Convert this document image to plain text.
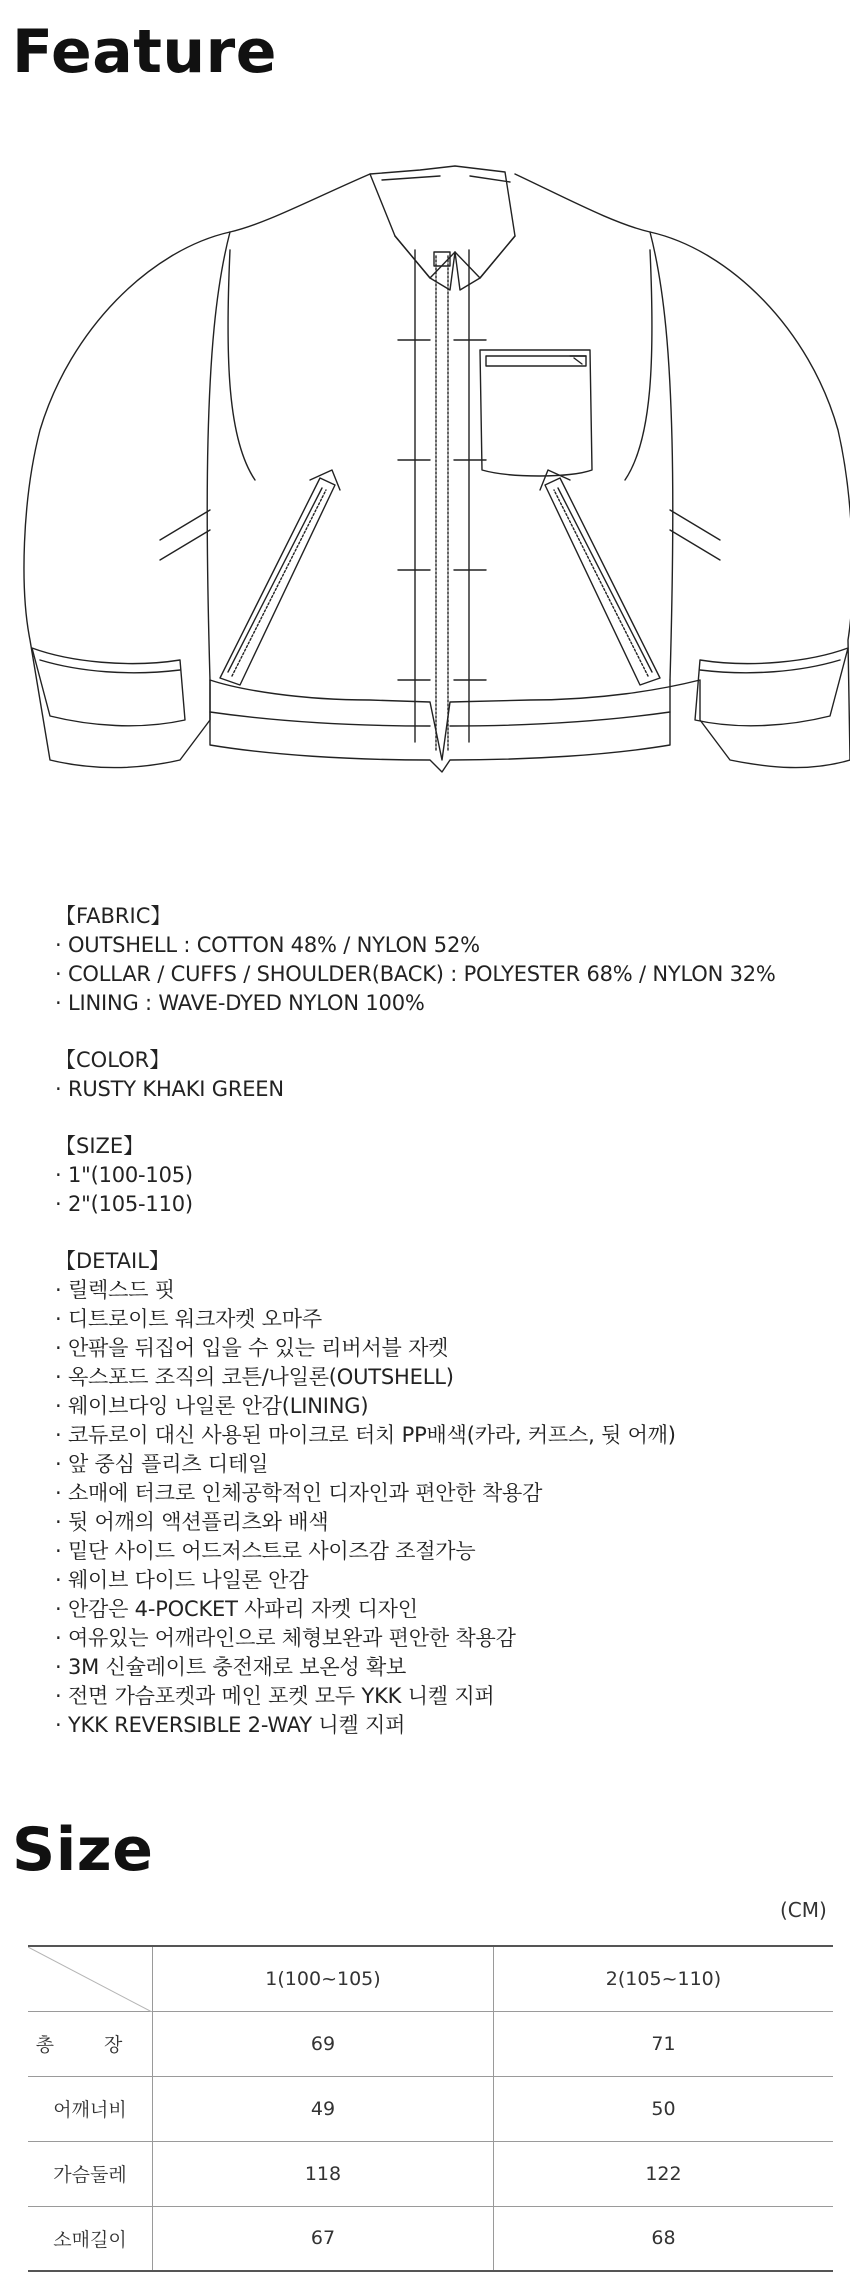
Feature
【FABRIC】
· OUTSHELL : COTTON 48% / NYLON 52%
· COLLAR / CUFFS / SHOULDER(BACK) : POLYESTER 68% / NYLON 32%
· LINING : WAVE-DYED NYLON 100%
【COLOR】
· RUSTY KHAKI GREEN
【SIZE】
· 1"(100-105)
· 2"(105-110)
【DETAIL】
· 릴렉스드 핏
· 디트로이트 워크자켓 오마주
· 안팎을 뒤집어 입을 수 있는 리버서블 자켓
· 옥스포드 조직의 코튼/나일론(OUTSHELL)
· 웨이브다잉 나일론 안감(LINING)
· 코듀로이 대신 사용된 마이크로 터치 PP배색(카라, 커프스, 뒷 어깨)
· 앞 중심 플리츠 디테일
· 소매에 터크로 인체공학적인 디자인과 편안한 착용감
· 뒷 어깨의 액션플리츠와 배색
· 밑단 사이드 어드저스트로 사이즈감 조절가능
· 웨이브 다이드 나일론 안감
· 안감은 4-POCKET 사파리 자켓 디자인
· 여유있는 어깨라인으로 체형보완과 편안한 착용감
· 3M 신슐레이트 충전재로 보온성 확보
· 전면 가슴포켓과 메인 포켓 모두 YKK 니켈 지퍼
· YKK REVERSIBLE 2-WAY 니켈 지퍼
Size
(CM)
	1(100~105)	2(105~110)
총 장	69	71
어깨너비	49	50
가슴둘레	118	122
소매길이	67	68
